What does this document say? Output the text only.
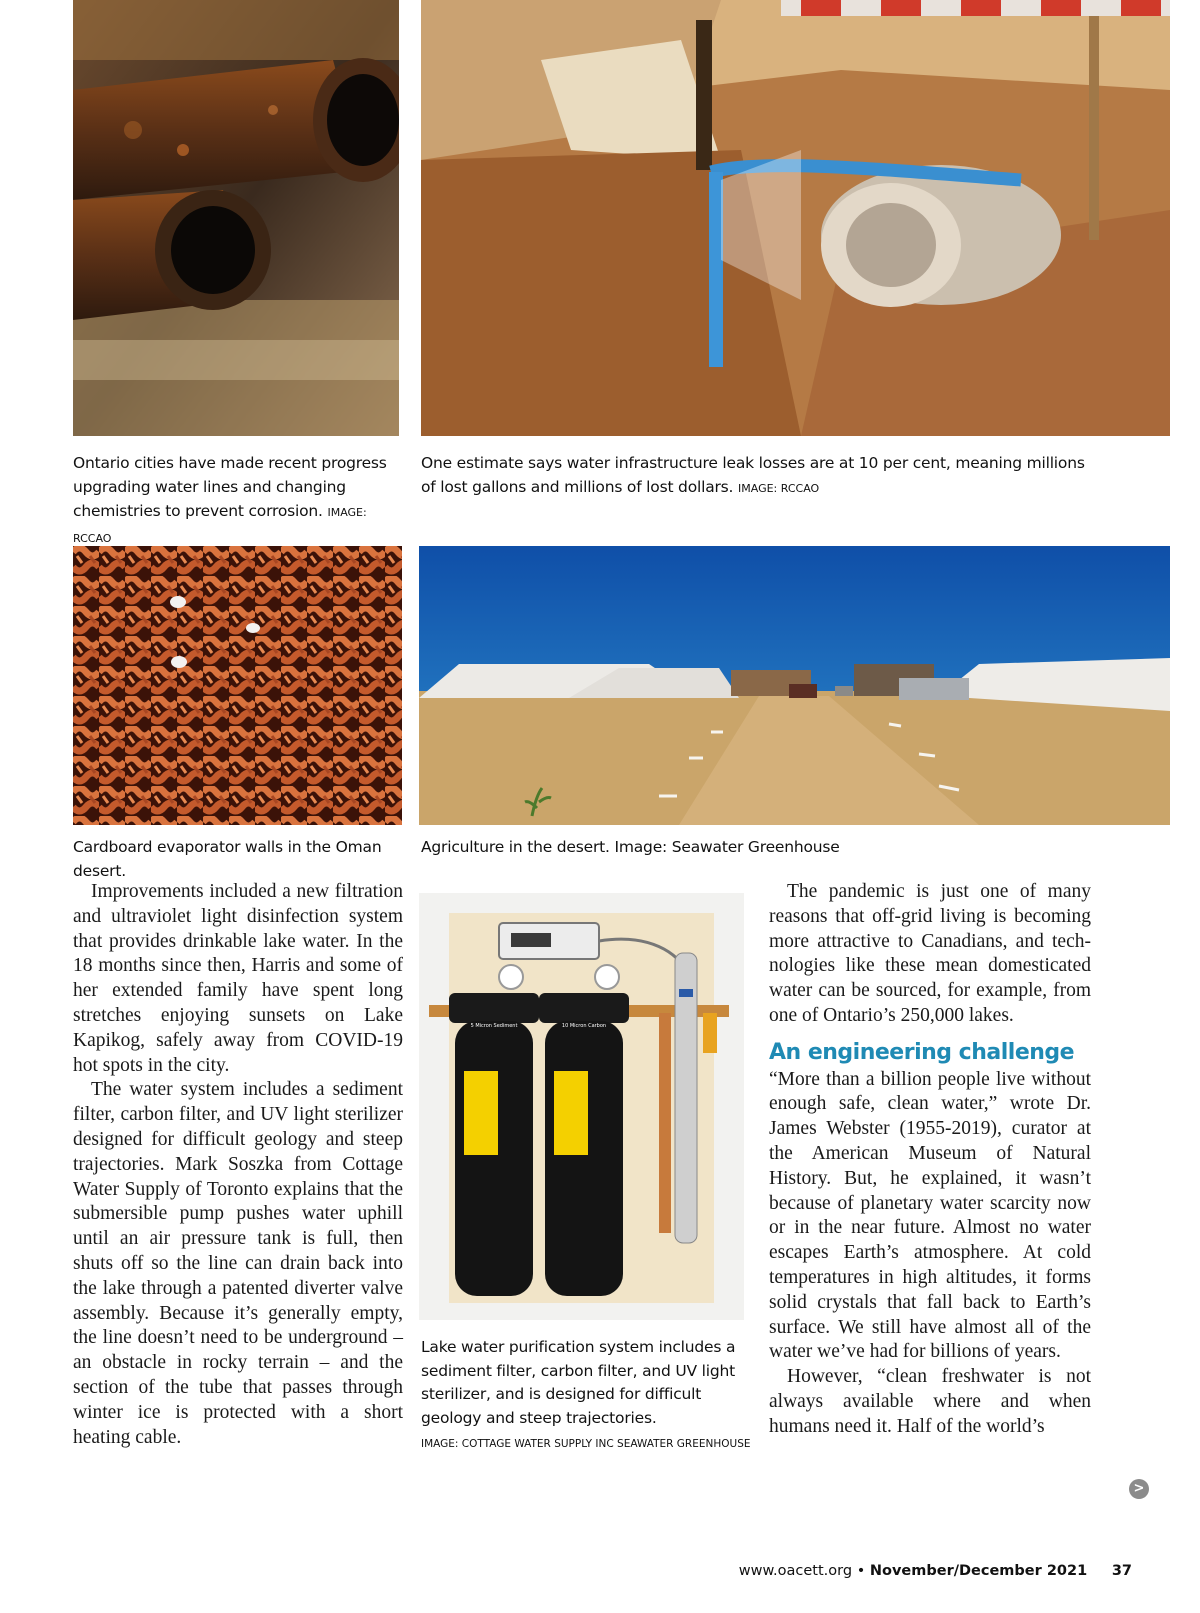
Ontario cities have made recent progress upgrading water lines and changing chemistries to prevent corrosion. IMAGE: RCCAO
One estimate says water infrastructure leak losses are at 10 per cent, meaning millions of lost gallons and millions of lost dollars. IMAGE: RCCAO
Cardboard evaporator walls in the Oman desert.
Agriculture in the desert. Image: Seawater Greenhouse

Improvements included a new filtration and ultraviolet light disinfection system that provides drinkable lake water. In the 18 months since then, Harris and some of her extended family have spent long stretches enjoying sunsets on Lake Kapikog, safely away from COVID-19 hot spots in the city.

The water system includes a sediment filter, carbon filter, and UV light sterilizer designed for difficult geology and steep trajectories. Mark Soszka from Cottage Water Supply of Toronto explains that the submersible pump pushes water uphill until an air pressure tank is full, then shuts off so the line can drain back into the lake through a patented diverter valve assembly. Because it’s generally empty, the line doesn’t need to be underground – an obstacle in rocky terrain – and the section of the tube that passes through winter ice is protected with a short heating cable.

5 Micron Sediment	10 Micron Carbon
Lake water purification system includes a sediment filter, carbon filter, and UV light sterilizer, and is designed for difficult geology and steep trajectories.
IMAGE: COTTAGE WATER SUPPLY INC SEAWATER GREENHOUSE

The pandemic is just one of many reasons that off-grid living is becoming more attractive to Canadians, and technologies like these mean domesticated water can be sourced, for example, from one of Ontario’s 250,000 lakes.

An engineering challenge

“More than a billion people live without enough safe, clean water,” wrote Dr. James Webster (1955-2019), curator at the American Museum of Natural History. But, he explained, it wasn’t because of planetary water scarcity now or in the near future. Almost no water escapes Earth’s atmosphere. At cold temperatures in high altitudes, it forms solid crystals that fall back to Earth’s surface. We still have almost all of the water we’ve had for billions of years.

However, “clean freshwater is not always available where and when humans need it. Half of the world’s

>
www.oacett.org • November/December 2021 37
